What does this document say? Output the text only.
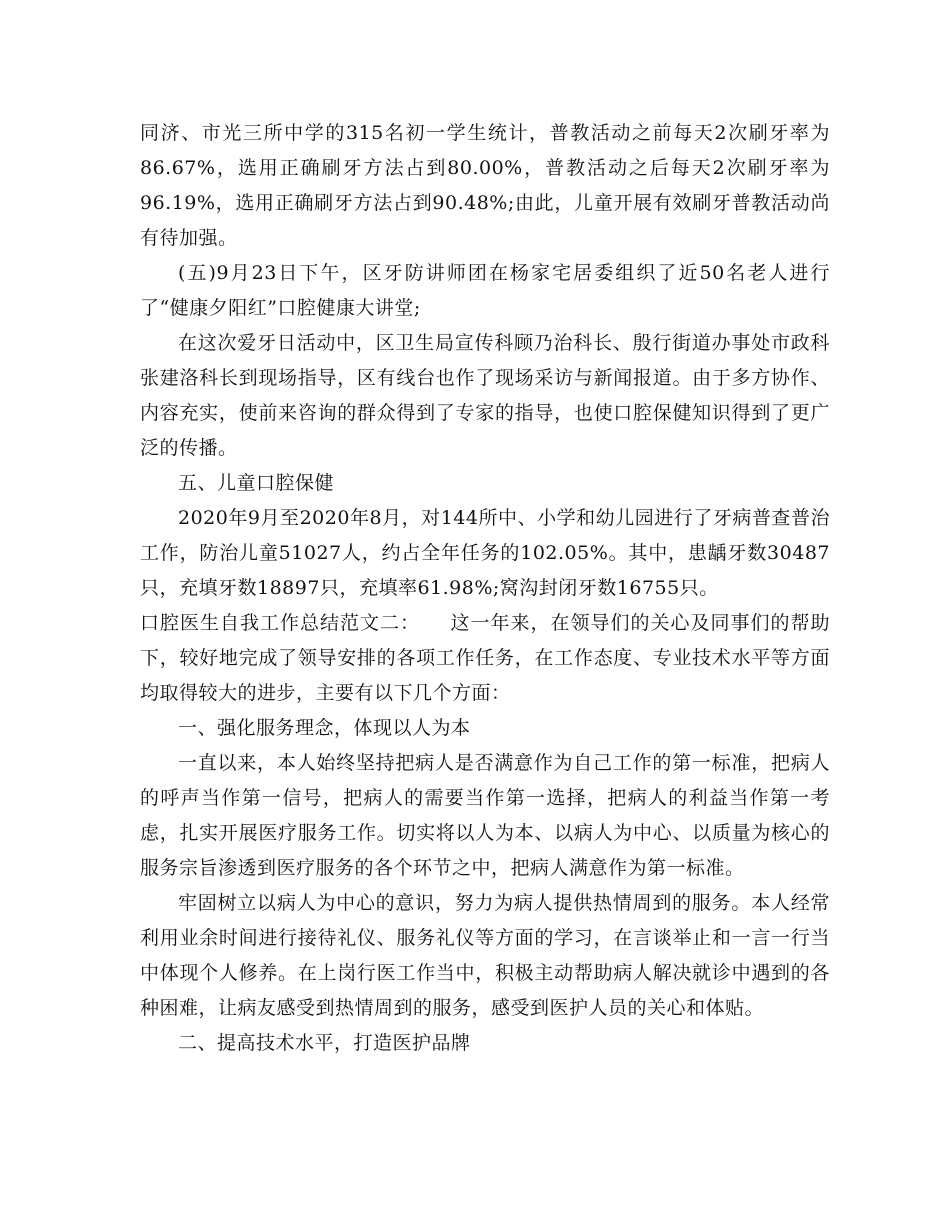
同济、市光三所中学的315名初一学生统计，普教活动之前每天2次刷牙率为86.67%，选用正确刷牙方法占到80.00%，普教活动之后每天2次刷牙率为96.19%，选用正确刷牙方法占到90.48%;由此，儿童开展有效刷牙普教活动尚有待加强。

(五)9月23日下午，区牙防讲师团在杨家宅居委组织了近50名老人进行了“健康夕阳红”口腔健康大讲堂;

在这次爱牙日活动中，区卫生局宣传科顾乃治科长、殷行街道办事处市政科张建洛科长到现场指导，区有线台也作了现场采访与新闻报道。由于多方协作、内容充实，使前来咨询的群众得到了专家的指导，也使口腔保健知识得到了更广泛的传播。

五、儿童口腔保健

2020年9月至2020年8月，对144所中、小学和幼儿园进行了牙病普查普治工作，防治儿童51027人，约占全年任务的102.05%。其中，患龋牙数30487只，充填牙数18897只，充填率61.98%;窝沟封闭牙数16755只。

口腔医生自我工作总结范文二：　　这一年来，在领导们的关心及同事们的帮助下，较好地完成了领导安排的各项工作任务，在工作态度、专业技术水平等方面均取得较大的进步，主要有以下几个方面：

一、强化服务理念，体现以人为本

一直以来，本人始终坚持把病人是否满意作为自己工作的第一标准，把病人的呼声当作第一信号，把病人的需要当作第一选择，把病人的利益当作第一考虑，扎实开展医疗服务工作。切实将以人为本、以病人为中心、以质量为核心的服务宗旨渗透到医疗服务的各个环节之中，把病人满意作为第一标准。

牢固树立以病人为中心的意识，努力为病人提供热情周到的服务。本人经常利用业余时间进行接待礼仪、服务礼仪等方面的学习，在言谈举止和一言一行当中体现个人修养。在上岗行医工作当中，积极主动帮助病人解决就诊中遇到的各种困难，让病友感受到热情周到的服务，感受到医护人员的关心和体贴。

二、提高技术水平，打造医护品牌
